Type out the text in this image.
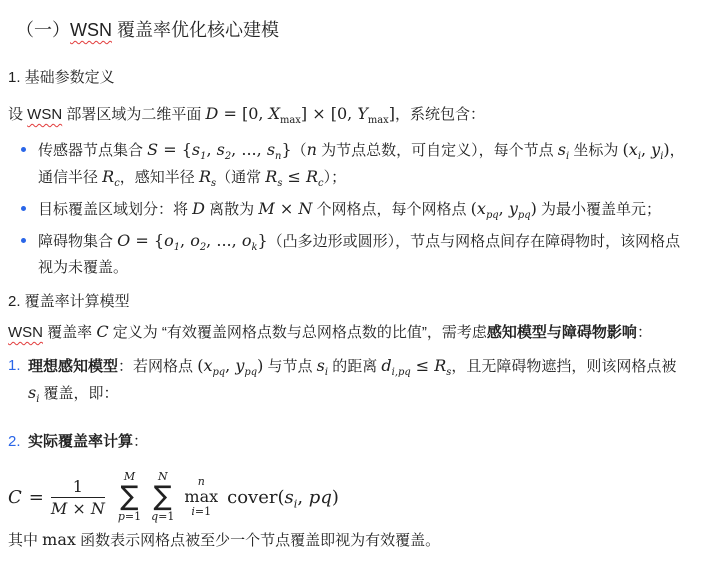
（一）WSN 覆盖率优化核心建模
1. 基础参数定义
设 WSN 部署区域为二维平面 D = [0, $X_{max}] \times [0$, $Y_{max}$]，系统包含：
传感器节点集合 $S = \{s_1$, $s_2$, ..., $s_n\}(n$ 为节点总数，可自定义），每个节点 $s_i$ 坐标为 ($x_i$, $y_i$)，通信半径 $R_c$，感知半径 $R_s$（通常 $R_s \le R_c$）；
目标覆盖区域划分：将 D 离散为 M × N 个网格点，每个网格点 ($x_{pq}$, $y_{pq}$) 为最小覆盖单元；
障碍物集合 $O = \{o_1$, $o_2$, ..., $o_k$}（凸多边形或圆形），节点与网格点间存在障碍物时，该网格点视为未覆盖。
2. 覆盖率计算模型
WSN 覆盖率 C 定义为 “有效覆盖网格点数与总网格点数的比值”，需考虑感知模型与障碍物影响：
1. 理想感知模型：若网格点 ($x_{pq}$, $y_{pq}$) 与节点 $s_i$ 的距离 $d_{i,pq} \le R_s$，且无障碍物遮挡，则该网格点被 $s_i$ 覆盖，即：
2. 实际覆盖率计算：
$C = \frac{1}{M \times N}$ M
∑
p=1
N
∑
q=1
n
max
i=1
$cover(s_i$, pq)
其中 max 函数表示网格点被至少一个节点覆盖即视为有效覆盖。
